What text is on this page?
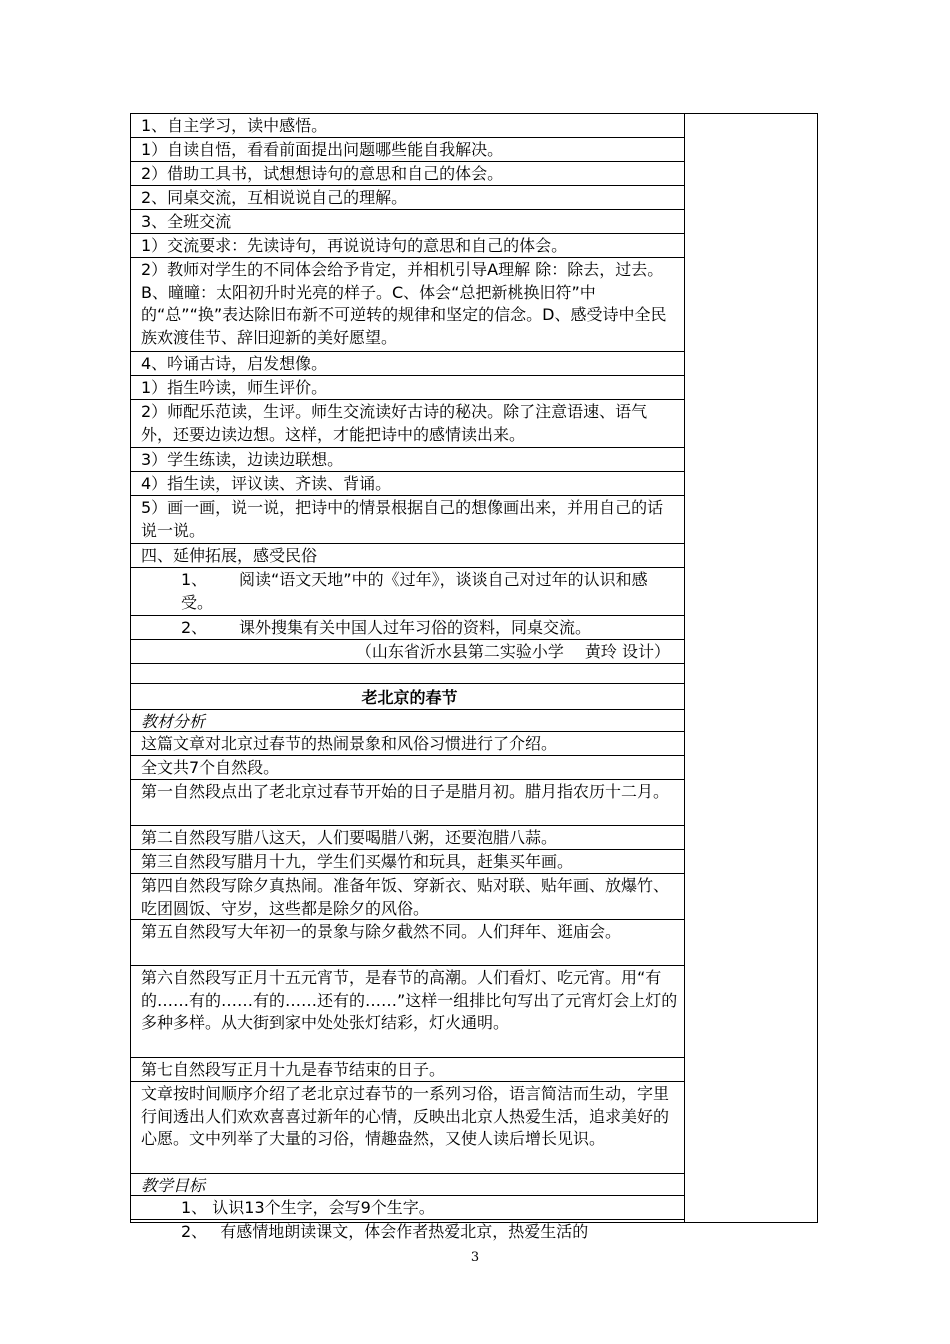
1、自主学习，读中感悟。
1）自读自悟，看看前面提出问题哪些能自我解决。
2）借助工具书，试想想诗句的意思和自己的体会。
2、同桌交流，互相说说自己的理解。
3、全班交流
1）交流要求：先读诗句，再说说诗句的意思和自己的体会。
2）教师对学生的不同体会给予肯定，并相机引导A理解 除：除去，过去。B、曈曈：太阳初升时光亮的样子。C、体会“总把新桃换旧符”中的“总”“换”表达除旧布新不可逆转的规律和坚定的信念。D、感受诗中全民族欢渡佳节、辞旧迎新的美好愿望。
4、吟诵古诗，启发想像。
1）指生吟读，师生评价。
2）师配乐范读，生评。师生交流读好古诗的秘决。除了注意语速、语气外，还要边读边想。这样，才能把诗中的感情读出来。
3）学生练读，边读边联想。
4）指生读，评议读、齐读、背诵。
5）画一画，说一说，把诗中的情景根据自己的想像画出来，并用自己的话说一说。
四、延伸拓展，感受民俗
1、 阅读“语文天地”中的《过年》，谈谈自己对过年的认识和感受。
2、 课外搜集有关中国人过年习俗的资料，同桌交流。
（山东省沂水县第二实验小学　 黄玲 设计）
老北京的春节
教材分析
这篇文章对北京过春节的热闹景象和风俗习惯进行了介绍。
全文共7个自然段。
第一自然段点出了老北京过春节开始的日子是腊月初。腊月指农历十二月。
第二自然段写腊八这天，人们要喝腊八粥，还要泡腊八蒜。
第三自然段写腊月十九，学生们买爆竹和玩具，赶集买年画。
第四自然段写除夕真热闹。准备年饭、穿新衣、贴对联、贴年画、放爆竹、吃团圆饭、守岁，这些都是除夕的风俗。
第五自然段写大年初一的景象与除夕截然不同。人们拜年、逛庙会。
第六自然段写正月十五元宵节，是春节的高潮。人们看灯、吃元宵。用“有的……有的……有的……还有的……”这样一组排比句写出了元宵灯会上灯的多种多样。从大街到家中处处张灯结彩，灯火通明。
第七自然段写正月十九是春节结束的日子。
文章按时间顺序介绍了老北京过春节的一系列习俗，语言简洁而生动，字里行间透出人们欢欢喜喜过新年的心情，反映出北京人热爱生活，追求美好的心愿。文中列举了大量的习俗，情趣盎然，又使人读后增长见识。
教学目标
1、 认识13个生字，会写9个生字。
2、　 有感情地朗读课文，体会作者热爱北京，热爱生活的
3
